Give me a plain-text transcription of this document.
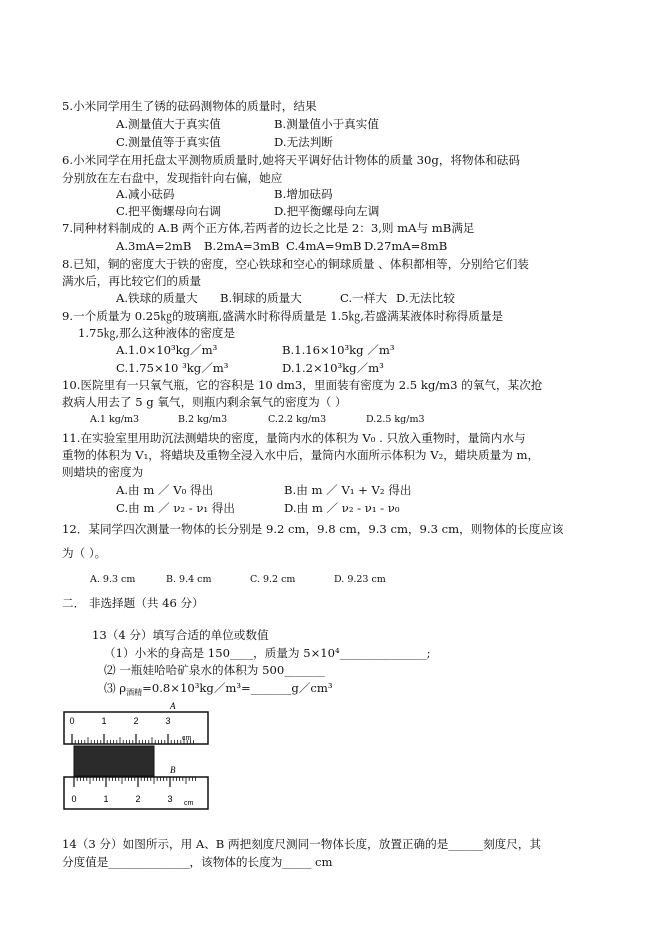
5.小米同学用生了锈的砝码测物体的质量时，结果
A.测量值大于真实值	B.测量值小于真实值
C.测量值等于真实值	D.无法判断
6.小米同学在用托盘太平测物质质量时,她将天平调好估计物体的质量 30g，将物体和砝码
分别放在左右盘中，发现指针向右偏，她应
A.减小砝码	B.增加砝码
C.把平衡螺母向右调	D.把平衡螺母向左调
7.同种材料制成的 A.B 两个正方体,若两者的边长之比是 2：3,则 mA与 mB满足
A.3mA=2mB B.2mA=3mB C.4mA=9mB D.27mA=8mB
8.已知，铜的密度大于铁的密度，空心铁球和空心的铜球质量 、体积都相等，分别给它们装
满水后，再比较它们的质量
A.铁球的质量大 B.铜球的质量大	C.一样大 D.无法比较
9.一个质量为 0.25㎏的玻璃瓶,盛满水时称得质量是 1.5㎏,若盛满某液体时称得质量是
1.75㎏,那么这种液体的密度是
A.1.0×10³kg／m³	B.1.16×10³kg ／m³
C.1.75×10 ³kg／m³	D.1.2×10³kg／m³
10.医院里有一只氧气瓶，它的容积是 10 dm3，里面装有密度为 2.5 kg/m3 的氧气，某次抢
救病人用去了 5 g 氧气，则瓶内剩余氧气的密度为（ ）
A.1 kg/m3	B.2 kg/m3	C.2.2 kg/m3	D.2.5 kg/m3
11.在实验室里用助沉法测蜡块的密度，量筒内水的体积为 V₀ . 只放入重物时，量筒内水与
重物的体积为 V₁，将蜡块及重物全浸入水中后，量筒内水面所示体积为 V₂，蜡块质量为 m，
则蜡块的密度为
A.由 m ／ V₀ 得出	B.由 m ／ V₁ + V₂ 得出
C.由 m ／ ν₂ - ν₁ 得出	D.由 m ／ ν₂ - ν₁ - ν₀
12．某同学四次测量一物体的长分别是 9.2 cm，9.8 cm，9.3 cm，9.3 cm，则物体的长度应该
为（ ）。
A. 9.3 cm	B. 9.4 cm	C. 9.2 cm	D. 9.23 cm
二． 非选择题（共 46 分）
13（4 分）填写合适的单位或数值
（1）小米的身高是 150____，质量为 5×10⁴_______________;
⑵ 一瓶娃哈哈矿泉水的体积为 500_______
⑶ $\rho_{酒精}=0.8\times 10^3kg/m^3=\_\_\_\_\_\_\_g/cm^3$
A
0	1	2	3
cm
B
0	1	2	3 cm
14（3 分）如图所示，用 A、B 两把刻度尺测同一物体长度，放置正确的是______刻度尺，其
分度值是______________，该物体的长度为_____ cm
